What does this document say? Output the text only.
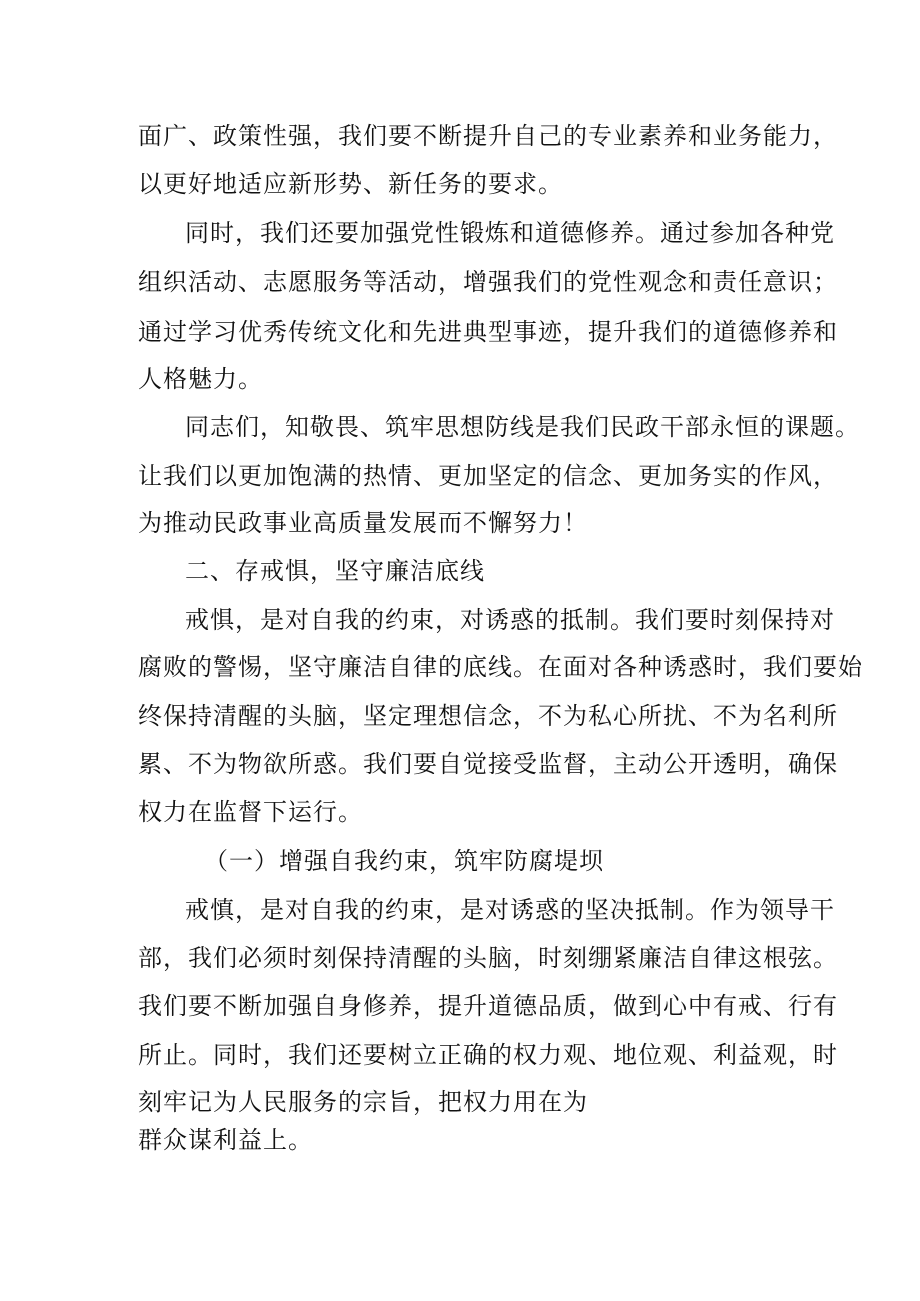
面广、政策性强，我们要不断提升自己的专业素养和业务能力，
以更好地适应新形势、新任务的要求。
同时，我们还要加强党性锻炼和道德修养。通过参加各种党
组织活动、志愿服务等活动，增强我们的党性观念和责任意识；
通过学习优秀传统文化和先进典型事迹，提升我们的道德修养和
人格魅力。
同志们，知敬畏、筑牢思想防线是我们民政干部永恒的课题。
让我们以更加饱满的热情、更加坚定的信念、更加务实的作风，
为推动民政事业高质量发展而不懈努力！
二、存戒惧，坚守廉洁底线
戒惧，是对自我的约束，对诱惑的抵制。我们要时刻保持对
腐败的警惕，坚守廉洁自律的底线。在面对各种诱惑时，我们要始
终保持清醒的头脑，坚定理想信念，不为私心所扰、不为名利所
累、不为物欲所惑。我们要自觉接受监督，主动公开透明，确保
权力在监督下运行。
（一）增强自我约束，筑牢防腐堤坝
戒慎，是对自我的约束，是对诱惑的坚决抵制。作为领导干
部，我们必须时刻保持清醒的头脑，时刻绷紧廉洁自律这根弦。
我们要不断加强自身修养，提升道德品质，做到心中有戒、行有
所止。同时，我们还要树立正确的权力观、地位观、利益观，时
刻牢记为人民服务的宗旨，把权力用在为
群众谋利益上。
